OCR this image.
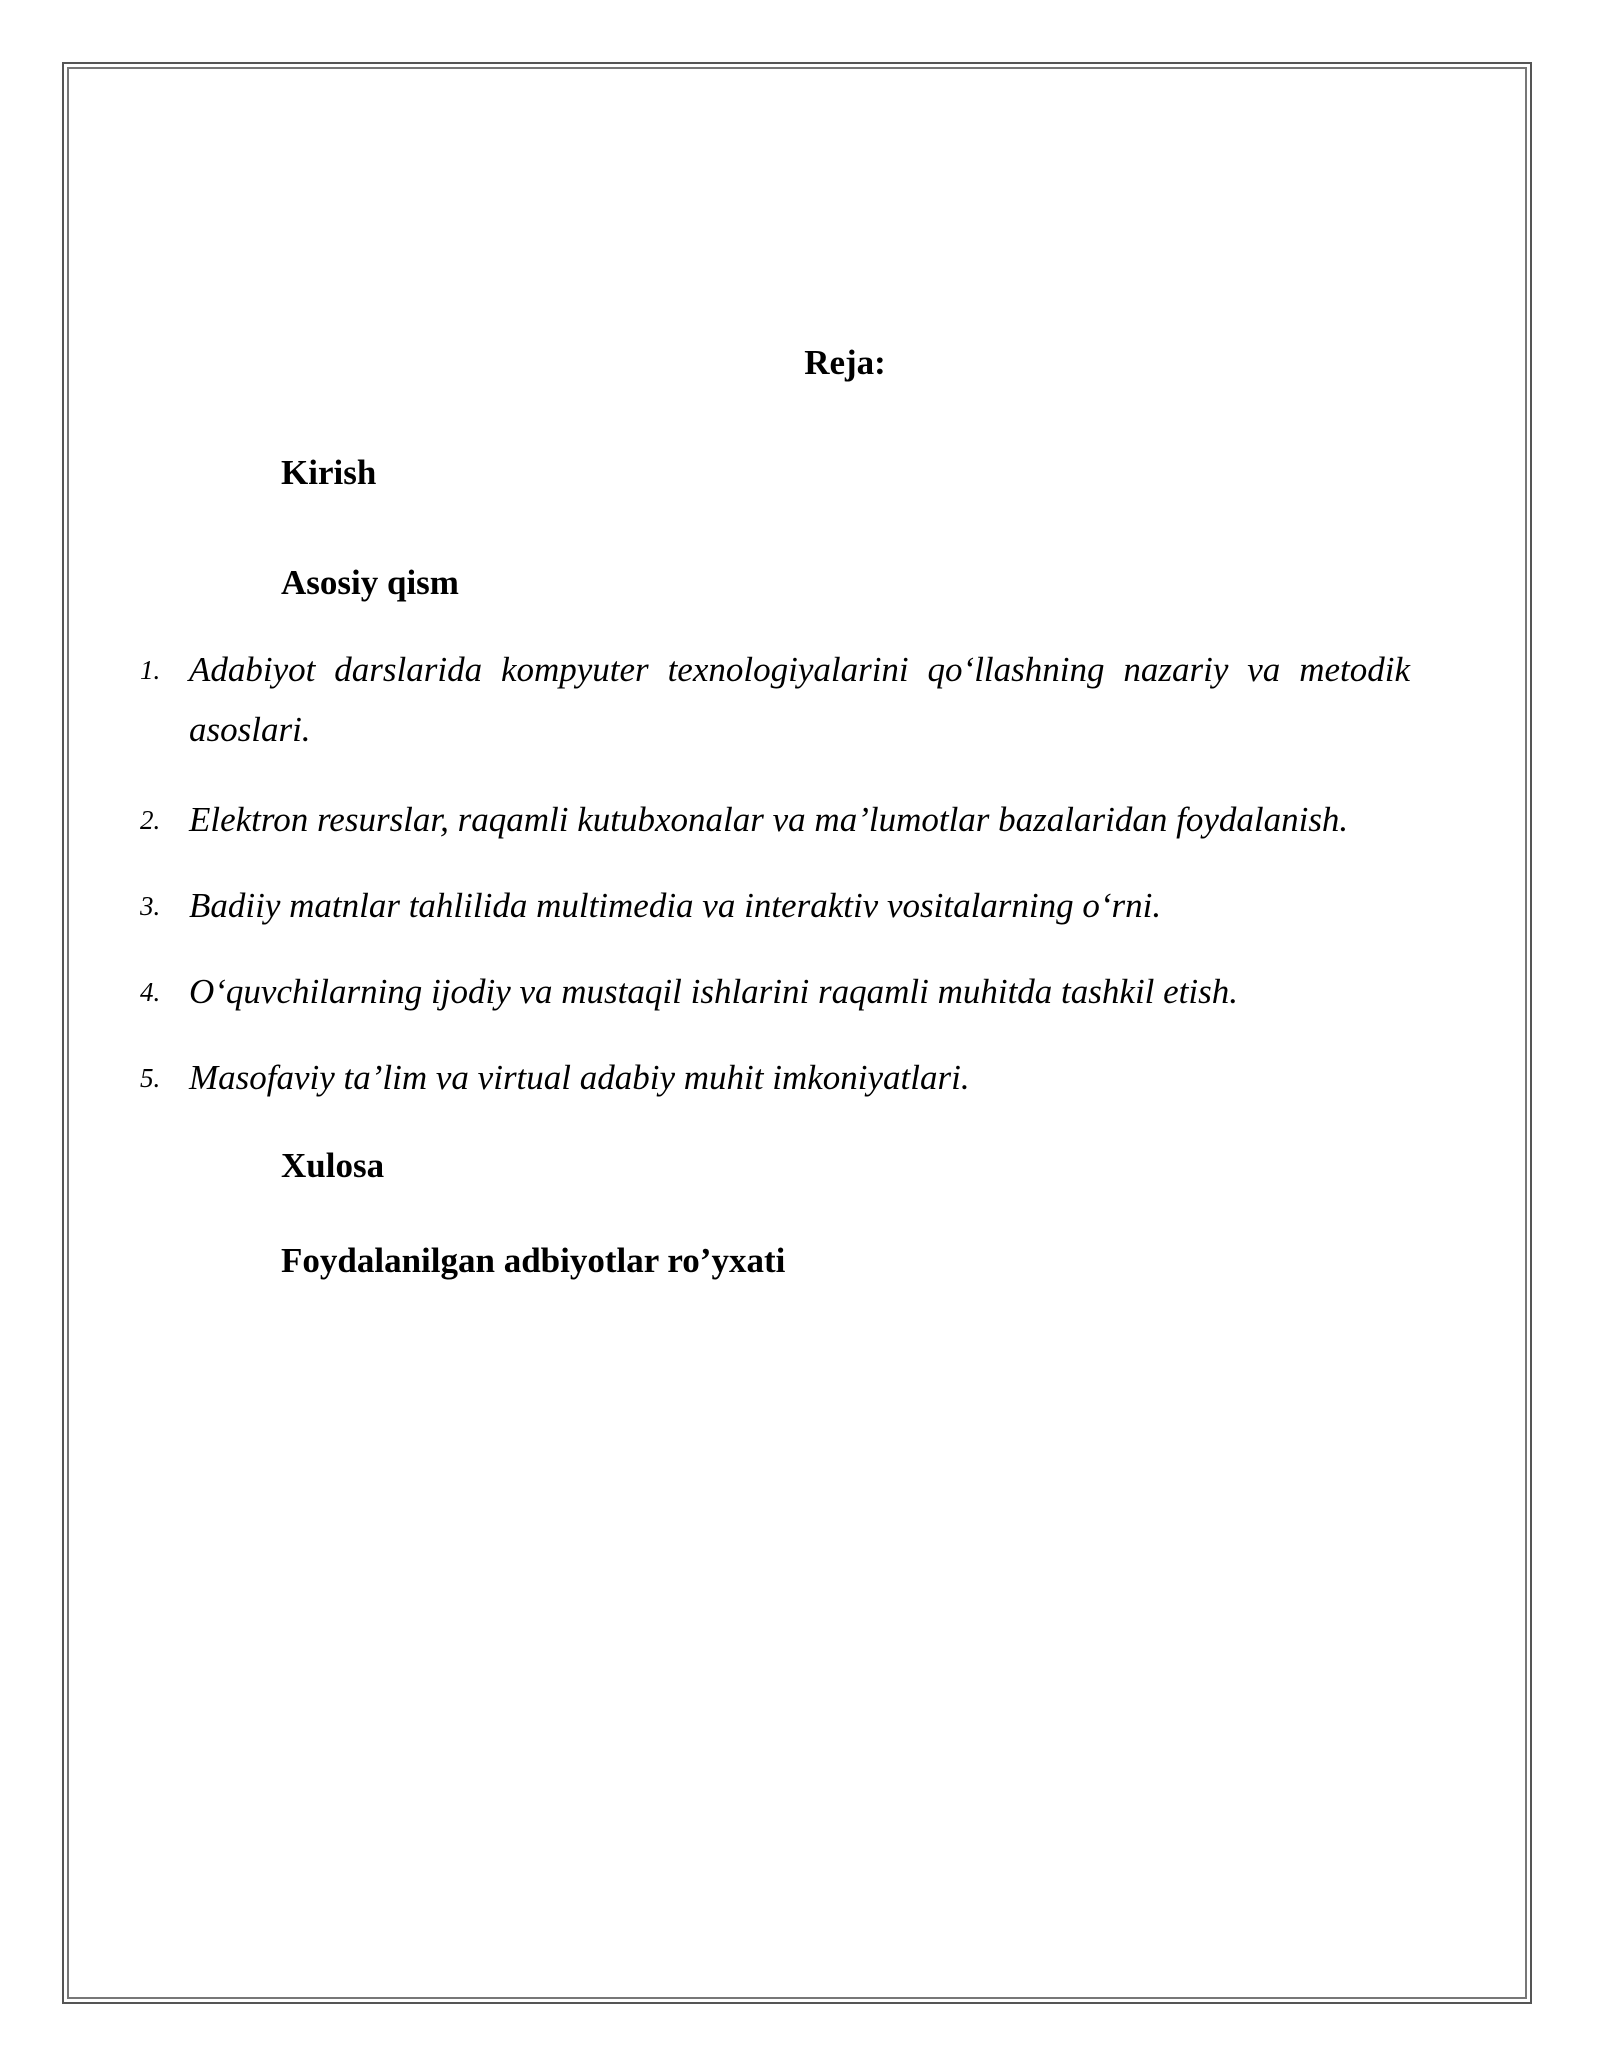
Reja:
Kirish
Asosiy qism
1. Adabiyot darslarida kompyuter texnologiyalarini qo‘llashning nazariy va metodik asoslari.
2. Elektron resurslar, raqamli kutubxonalar va ma’lumotlar bazalaridan foydalanish.
3. Badiiy matnlar tahlilida multimedia va interaktiv vositalarning o‘rni.
4. O‘quvchilarning ijodiy va mustaqil ishlarini raqamli muhitda tashkil etish.
5. Masofaviy ta’lim va virtual adabiy muhit imkoniyatlari.
Xulosa
Foydalanilgan adbiyotlar ro’yxati
